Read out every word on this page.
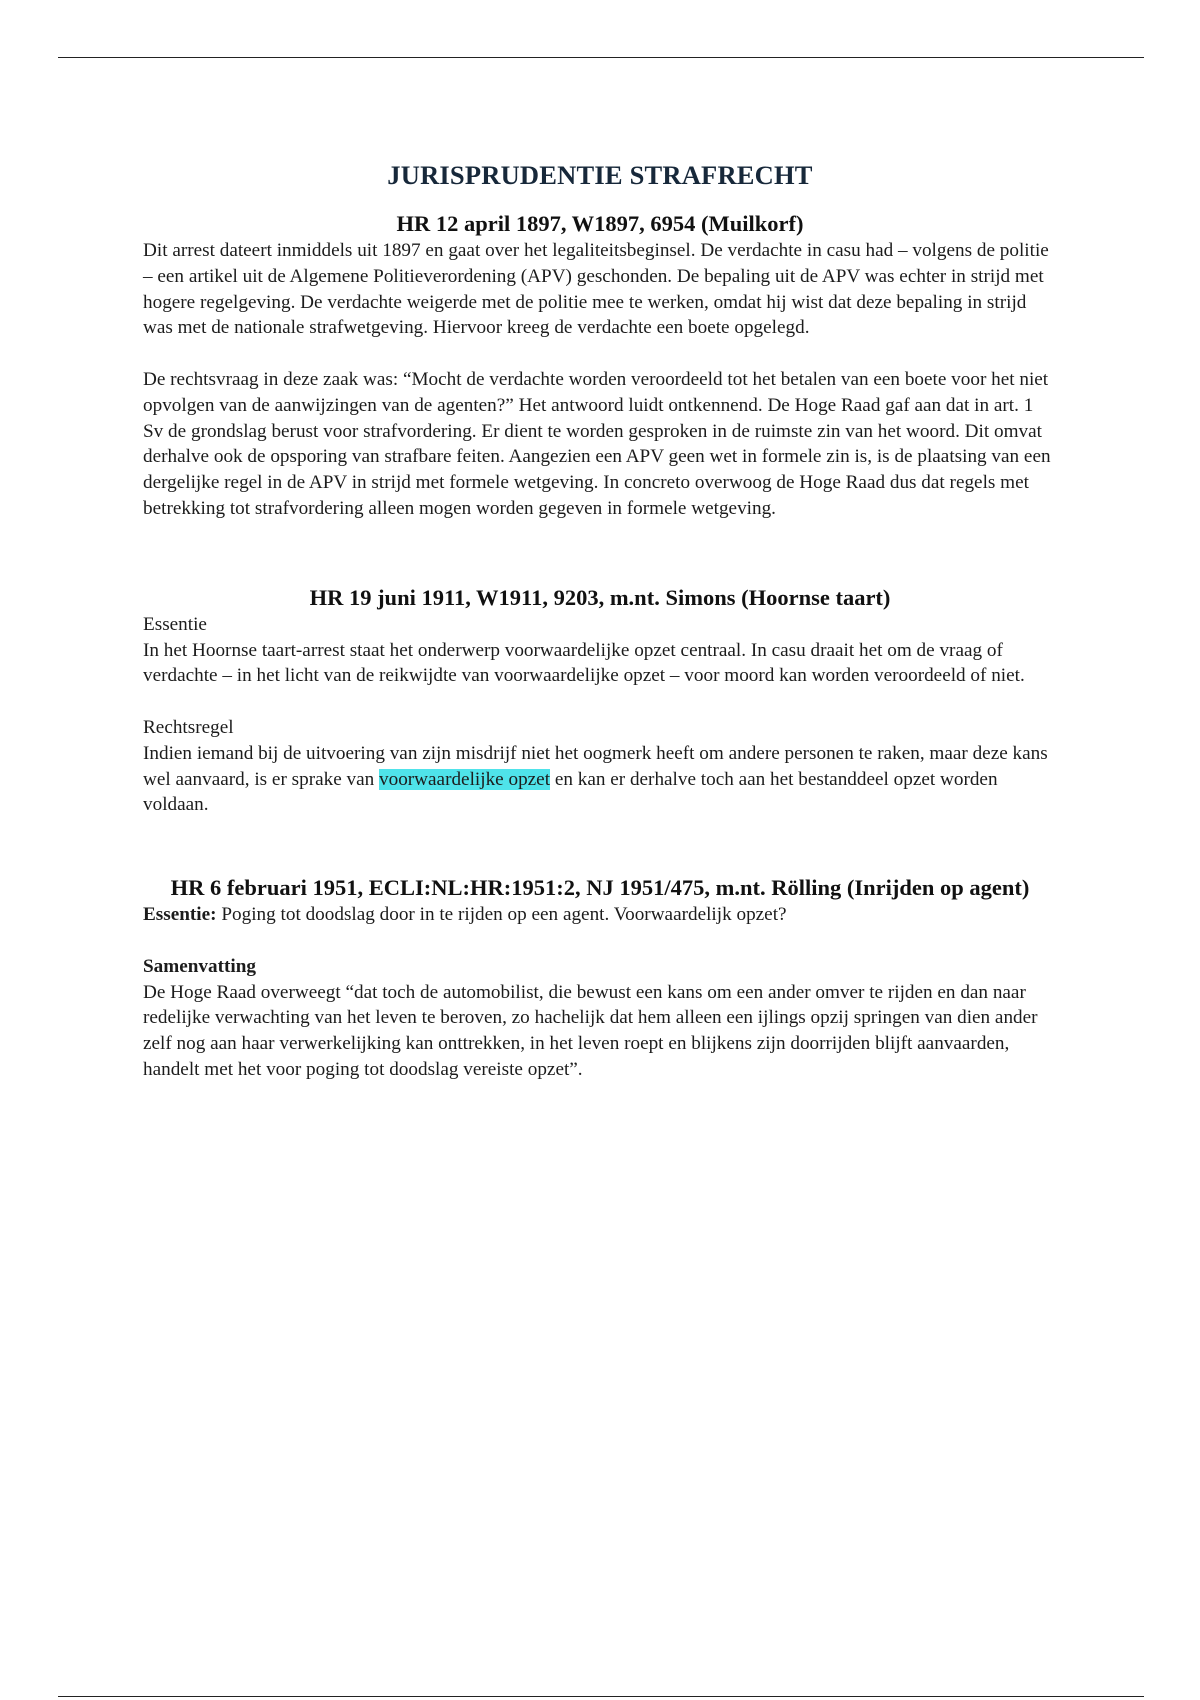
JURISPRUDENTIE STRAFRECHT
HR 12 april 1897, W1897, 6954 (Muilkorf)

Dit arrest dateert inmiddels uit 1897 en gaat over het legaliteitsbeginsel. De verdachte in casu had – volgens de politie – een artikel uit de Algemene Politieverordening (APV) geschonden. De bepaling uit de APV was echter in strijd met hogere regelgeving. De verdachte weigerde met de politie mee te werken, omdat hij wist dat deze bepaling in strijd was met de nationale strafwetgeving. Hiervoor kreeg de verdachte een boete opgelegd.

De rechtsvraag in deze zaak was: “Mocht de verdachte worden veroordeeld tot het betalen van een boete voor het niet opvolgen van de aanwijzingen van de agenten?” Het antwoord luidt ontkennend. De Hoge Raad gaf aan dat in art. 1 Sv de grondslag berust voor strafvordering. Er dient te worden gesproken in de ruimste zin van het woord. Dit omvat derhalve ook de opsporing van strafbare feiten. Aangezien een APV geen wet in formele zin is, is de plaatsing van een dergelijke regel in de APV in strijd met formele wetgeving. In concreto overwoog de Hoge Raad dus dat regels met betrekking tot strafvordering alleen mogen worden gegeven in formele wetgeving.

HR 19 juni 1911, W1911, 9203, m.nt. Simons (Hoornse taart)

Essentie
In het Hoornse taart-arrest staat het onderwerp voorwaardelijke opzet centraal. In casu draait het om de vraag of verdachte – in het licht van de reikwijdte van voorwaardelijke opzet – voor moord kan worden veroordeeld of niet.

Rechtsregel
Indien iemand bij de uitvoering van zijn misdrijf niet het oogmerk heeft om andere personen te raken, maar deze kans wel aanvaard, is er sprake van voorwaardelijke opzet en kan er derhalve toch aan het bestanddeel opzet worden voldaan.

HR 6 februari 1951, ECLI:NL:HR:1951:2, NJ 1951/475, m.nt. Rölling (Inrijden op agent)

Essentie: Poging tot doodslag door in te rijden op een agent. Voorwaardelijk opzet?

Samenvatting
De Hoge Raad overweegt “dat toch de automobilist, die bewust een kans om een ander omver te rijden en dan naar redelijke verwachting van het leven te beroven, zo hachelijk dat hem alleen een ijlings opzij springen van dien ander zelf nog aan haar verwerkelijking kan onttrekken, in het leven roept en blijkens zijn doorrijden blijft aanvaarden, handelt met het voor poging tot doodslag vereiste opzet”.
